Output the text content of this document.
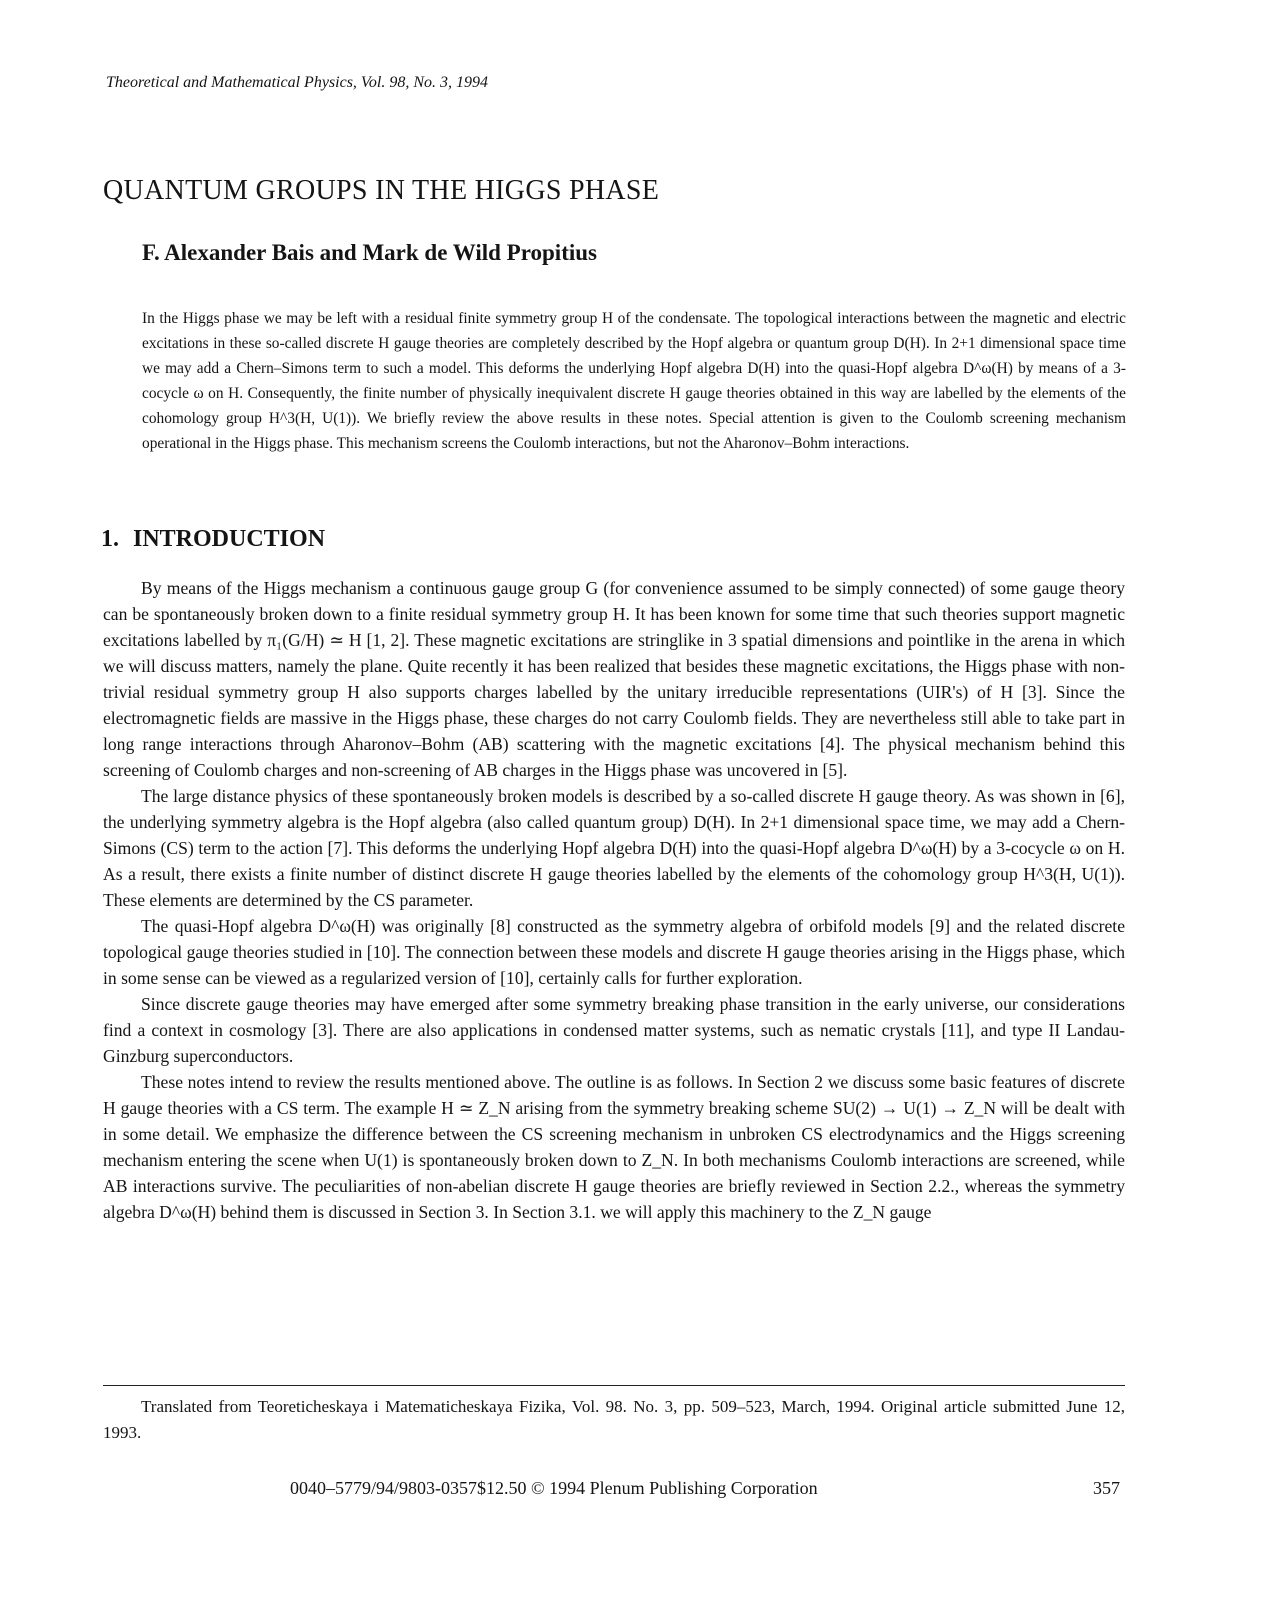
Theoretical and Mathematical Physics, Vol. 98, No. 3, 1994
QUANTUM GROUPS IN THE HIGGS PHASE
F. Alexander Bais and Mark de Wild Propitius

In the Higgs phase we may be left with a residual finite symmetry group H of the condensate. The topological interactions between the magnetic and electric excitations in these so-called discrete H gauge theories are completely described by the Hopf algebra or quantum group D(H). In 2+1 dimensional space time we may add a Chern–Simons term to such a model. This deforms the underlying Hopf algebra D(H) into the quasi-Hopf algebra D^ω(H) by means of a 3-cocycle ω on H. Consequently, the finite number of physically inequivalent discrete H gauge theories obtained in this way are labelled by the elements of the cohomology group H^3(H, U(1)). We briefly review the above results in these notes. Special attention is given to the Coulomb screening mechanism operational in the Higgs phase. This mechanism screens the Coulomb interactions, but not the Aharonov–Bohm interactions.

1. INTRODUCTION

By means of the Higgs mechanism a continuous gauge group G (for convenience assumed to be simply connected) of some gauge theory can be spontaneously broken down to a finite residual symmetry group H. It has been known for some time that such theories support magnetic excitations labelled by π₁(G/H) ≃ H [1, 2]. These magnetic excitations are stringlike in 3 spatial dimensions and pointlike in the arena in which we will discuss matters, namely the plane. Quite recently it has been realized that besides these magnetic excitations, the Higgs phase with non-trivial residual symmetry group H also supports charges labelled by the unitary irreducible representations (UIR's) of H [3]. Since the electromagnetic fields are massive in the Higgs phase, these charges do not carry Coulomb fields. They are nevertheless still able to take part in long range interactions through Aharonov–Bohm (AB) scattering with the magnetic excitations [4]. The physical mechanism behind this screening of Coulomb charges and non-screening of AB charges in the Higgs phase was uncovered in [5].

The large distance physics of these spontaneously broken models is described by a so-called discrete H gauge theory. As was shown in [6], the underlying symmetry algebra is the Hopf algebra (also called quantum group) D(H). In 2+1 dimensional space time, we may add a Chern-Simons (CS) term to the action [7]. This deforms the underlying Hopf algebra D(H) into the quasi-Hopf algebra D^ω(H) by a 3-cocycle ω on H. As a result, there exists a finite number of distinct discrete H gauge theories labelled by the elements of the cohomology group H^3(H, U(1)). These elements are determined by the CS parameter.

The quasi-Hopf algebra D^ω(H) was originally [8] constructed as the symmetry algebra of orbifold models [9] and the related discrete topological gauge theories studied in [10]. The connection between these models and discrete H gauge theories arising in the Higgs phase, which in some sense can be viewed as a regularized version of [10], certainly calls for further exploration.

Since discrete gauge theories may have emerged after some symmetry breaking phase transition in the early universe, our considerations find a context in cosmology [3]. There are also applications in condensed matter systems, such as nematic crystals [11], and type II Landau-Ginzburg superconductors.

These notes intend to review the results mentioned above. The outline is as follows. In Section 2 we discuss some basic features of discrete H gauge theories with a CS term. The example H ≃ Z_N arising from the symmetry breaking scheme SU(2) → U(1) → Z_N will be dealt with in some detail. We emphasize the difference between the CS screening mechanism in unbroken CS electrodynamics and the Higgs screening mechanism entering the scene when U(1) is spontaneously broken down to Z_N. In both mechanisms Coulomb interactions are screened, while AB interactions survive. The peculiarities of non-abelian discrete H gauge theories are briefly reviewed in Section 2.2., whereas the symmetry algebra D^ω(H) behind them is discussed in Section 3. In Section 3.1. we will apply this machinery to the Z_N gauge

Translated from Teoreticheskaya i Matematicheskaya Fizika, Vol. 98. No. 3, pp. 509–523, March, 1994. Original article submitted June 12, 1993.

0040–5779/94/9803-0357$12.50 © 1994 Plenum Publishing Corporation	357
